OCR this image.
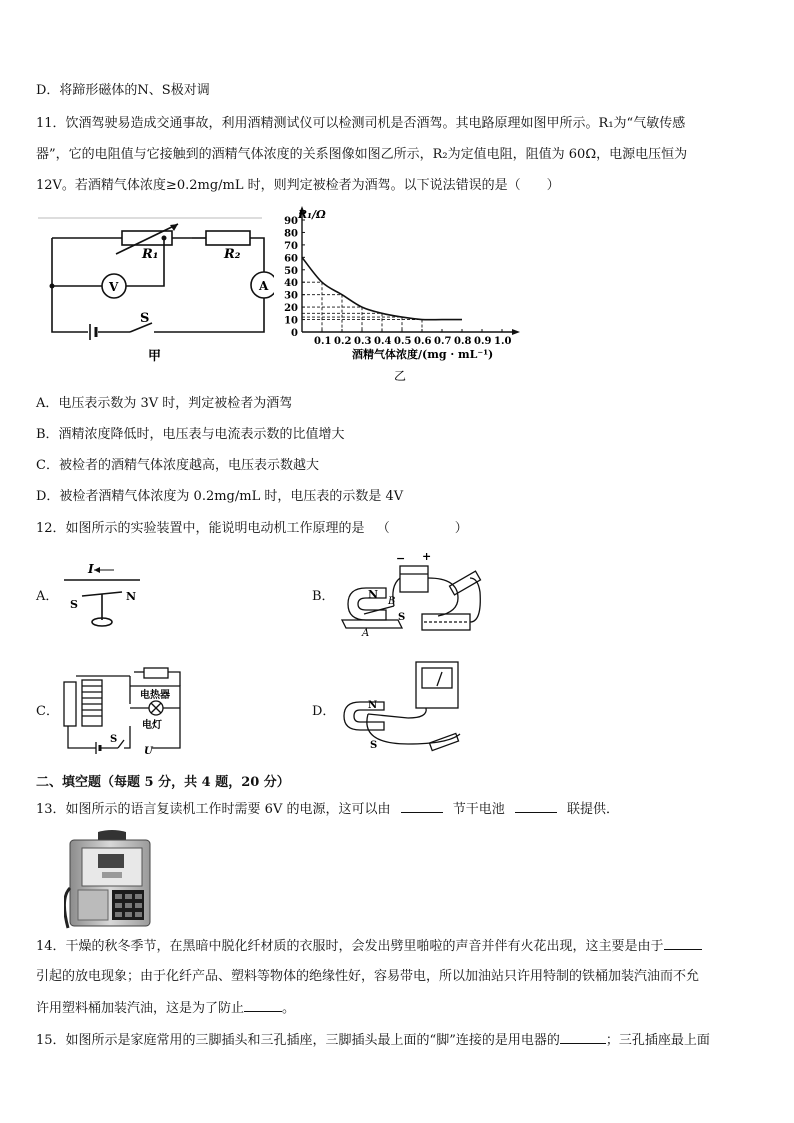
D．将蹄形磁体的N、S极对调
11．饮酒驾驶易造成交通事故，利用酒精测试仪可以检测司机是否酒驾。其电路原理如图甲所示。R₁为“气敏传感
器”，它的电阻值与它接触到的酒精气体浓度的关系图像如图乙所示，R₂为定值电阻，阻值为 60Ω，电源电压恒为
12V。若酒精气体浓度≥0.2mg/mL 时，则判定被检者为酒驾。以下说法错误的是（　　）
R₁	R₂
V	A
S
甲
0.1 0.2 0.3 0.4 0.5 0.6 0.7 0.8 0.9 1.0
0
10
20
30
40
50
60
70
80
90
R₁/Ω
酒精气体浓度/(mg · mL⁻¹)
乙
A．电压表示数为 3V 时，判定被检者为酒驾
B．酒精浓度降低时，电压表与电流表示数的比值增大
C．被检者的酒精气体浓度越高，电压表示数越大
D．被检者酒精气体浓度为 0.2mg/mL 时，电压表的示数是 4V
12．如图所示的实验装置中，能说明电动机工作原理的是 （　　　　　）
A．
I
S
N	B．
− +
N
B
A
S
C．
电热器
电灯
S
U
D．	N
S
二、填空题（每题 5 分，共 4 题，20 分）
13．如图所示的语言复读机工作时需要 6V 的电源，这可以由	节干电池	联提供．
14．干燥的秋冬季节，在黑暗中脱化纤材质的衣服时，会发出劈里啪啦的声音并伴有火花出现，这主要是由于
引起的放电现象；由于化纤产品、塑料等物体的绝缘性好，容易带电，所以加油站只许用特制的铁桶加装汽油而不允
许用塑料桶加装汽油，这是为了防止	。
15．如图所示是家庭常用的三脚插头和三孔插座，三脚插头最上面的“脚”连接的是用电器的	；三孔插座最上面
